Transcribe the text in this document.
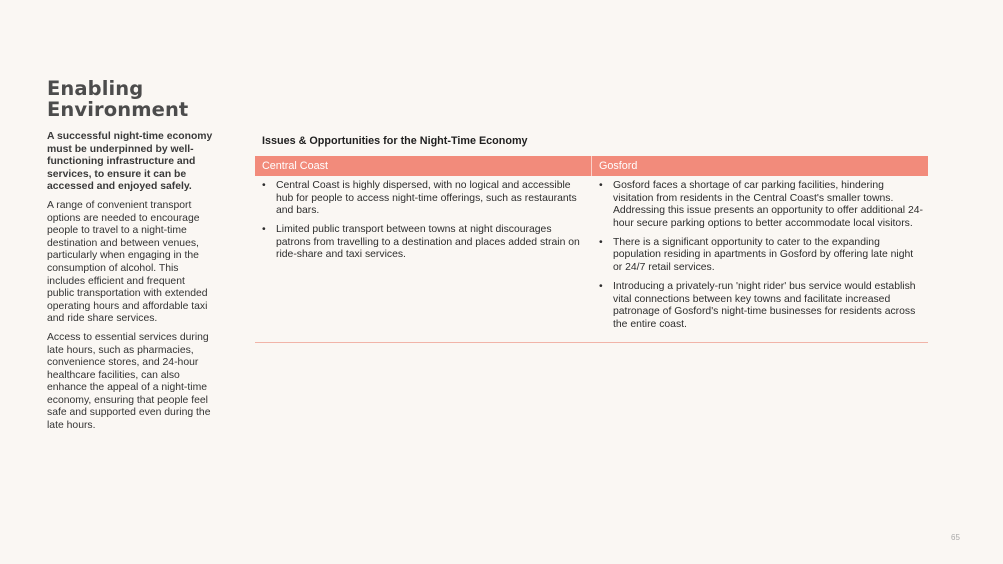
Enabling
Environment

A successful night-time economy must be underpinned by well-functioning infrastructure and services, to ensure it can be accessed and enjoyed safely.

A range of convenient transport options are needed to encourage people to travel to a night-time destination and between venues, particularly when engaging in the consumption of alcohol. This includes efficient and frequent public transportation with extended operating hours and affordable taxi and ride share services.

Access to essential services during late hours, such as pharmacies, convenience stores, and 24-hour healthcare facilities, can also enhance the appeal of a night-time economy, ensuring that people feel safe and supported even during the late hours.

Issues & Opportunities for the Night-Time Economy
Central Coast	Gosford
• Central Coast is highly dispersed, with no logical and accessible hub for people to access night-time offerings, such as restaurants and bars.
• Limited public transport between towns at night discourages patrons from travelling to a destination and places added strain on ride-share and taxi services.
• Gosford faces a shortage of car parking facilities, hindering visitation from residents in the Central Coast's smaller towns. Addressing this issue presents an opportunity to offer additional 24-hour secure parking options to better accommodate local visitors.
• There is a significant opportunity to cater to the expanding population residing in apartments in Gosford by offering late night or 24/7 retail services.
• Introducing a privately-run 'night rider' bus service would establish vital connections between key towns and facilitate increased patronage of Gosford's night-time businesses for residents across the entire coast.
65
